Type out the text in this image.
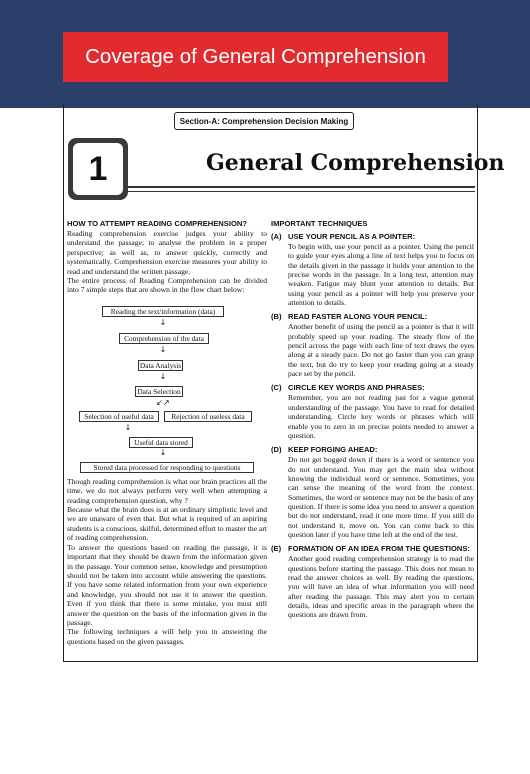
Coverage of General Comprehension
Section-A: Comprehension Decision Making
1	General Comprehension
HOW TO ATTEMPT READING COMPREHENSION?

Reading comprehension exercise judges your ability to understand the passage; to analyse the problem in a proper perspective; as well as, to answer quickly, correctly and systematically. Comprehension exercise measures your ability to read and understand the written passage.

The entire process of Reading Comprehension can be divided into 7 simple steps that are shown in the flow chart below:

Reading the text/information (data)
↓
Comprehension of the data
↓
Data Analysis
↓
Data Selection
↙↗
Selection of useful data	Rejection of useless data
↓
Useful data stored
↓
Stored data processed for responding to questions

Though reading comprehension is what our brain practices all the time, we do not always perform very well when attempting a reading comprehension question, why ?

Because what the brain does is at an ordinary simplistic level and we are unaware of even that. But what is required of an aspiring students is a conscious, skilful, determined effort to master the art of reading comprehension.

To answer the questions based on reading the passage, it is important that they should be drawn from the information given in the passage. Your common sense, knowledge and presumption should not be taken into account while answering the questions. If you have some related information from your own experience and knowledge, you should not use it to answer the question. Even if you think that there is some mistake, you must still answer the question on the basis of the information given in the passage.

The following techniques a will help you in answering the questions based on the given passages.

IMPORTANT TECHNIQUES
(A) USE YOUR PENCIL AS A POINTER:

To begin with, use your pencil as a pointer. Using the pencil to guide your eyes along a line of text helps you to focus on the details given in the passage it holds your attention to the precise words in the passage. In a long test, attention may weaken. Fatigue may blunt your attention to details. But using your pencil as a pointer will help you preserve your attention to details.

(B) READ FASTER ALONG YOUR PENCIL:

Another benefit of using the pencil as a pointer is that it will probably speed up your reading. The steady flow of the pencil across the page with each line of text draws the eyes along at a steady pace. Do not go faster than you can grasp the text, but do try to keep your reading going at a steady pace set by the pencil.

(C) CIRCLE KEY WORDS AND PHRASES:

Remember, you are not reading just for a vague general understanding of the passage. You have to read for detailed understanding. Circle key words or phrases which will enable you to zero in on precise points needed to answer a question.

(D) KEEP FORGING AHEAD:

Do not get bogged down if there is a word or sentence you do not understand. You may get the main idea without knowing the individual word or sentence. Sometimes, you can sense the meaning of the word from the context. Sometimes, the word or sentence may not be the basis of any question. If there is some idea you need to answer a question but do not understand, read it one more time. If you still do not understand it, move on. You can come back to this question later if you have time left at the end of the test.

(E) FORMATION OF AN IDEA FROM THE QUESTIONS:

Another good reading comprehension strategy is to read the questions before starting the passage. This does not mean to read the answer choices as well. By reading the questions, you will have an idea of what information you will need after reading the passage. This may alert you to certain details, ideas and specific areas in the paragraph where the questions are drawn from.
